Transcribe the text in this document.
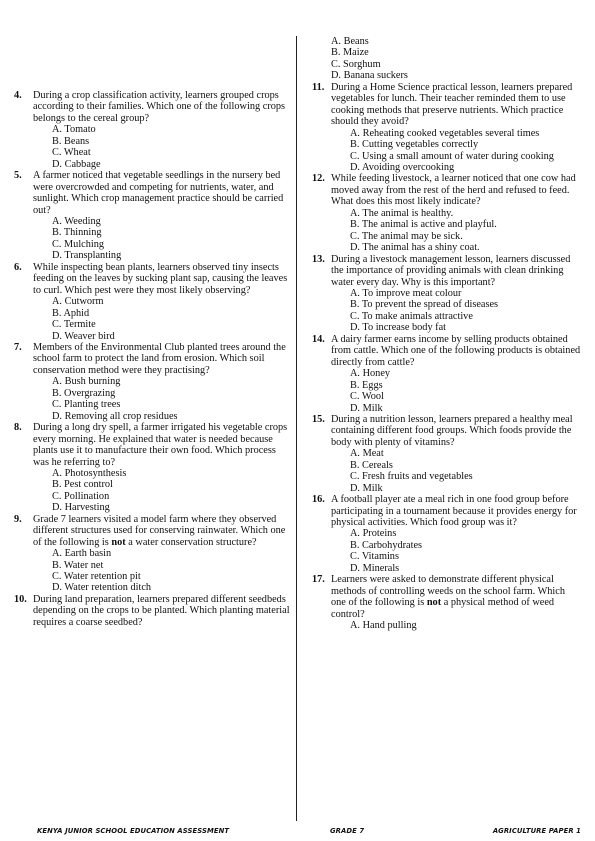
4. During a crop classification activity, learners grouped crops according to their families. Which one of the following crops belongs to the cereal group?
A. Tomato
B. Beans
C. Wheat
D. Cabbage
5. A farmer noticed that vegetable seedlings in the nursery bed were overcrowded and competing for nutrients, water, and sunlight. Which crop management practice should be carried out?
A. Weeding
B. Thinning
C. Mulching
D. Transplanting
6. While inspecting bean plants, learners observed tiny insects feeding on the leaves by sucking plant sap, causing the leaves to curl. Which pest were they most likely observing?
A. Cutworm
B. Aphid
C. Termite
D. Weaver bird
7. Members of the Environmental Club planted trees around the school farm to protect the land from erosion. Which soil conservation method were they practising?
A. Bush burning
B. Overgrazing
C. Planting trees
D. Removing all crop residues
8. During a long dry spell, a farmer irrigated his vegetable crops every morning. He explained that water is needed because plants use it to manufacture their own food. Which process was he referring to?
A. Photosynthesis
B. Pest control
C. Pollination
D. Harvesting
9. Grade 7 learners visited a model farm where they observed different structures used for conserving rainwater. Which one of the following is not a water conservation structure?
A. Earth basin
B. Water net
C. Water retention pit
D. Water retention ditch
10. During land preparation, learners prepared different seedbeds depending on the crops to be planted. Which planting material requires a coarse seedbed?
A. Beans
B. Maize
C. Sorghum
D. Banana suckers
11. During a Home Science practical lesson, learners prepared vegetables for lunch. Their teacher reminded them to use cooking methods that preserve nutrients. Which practice should they avoid?
A. Reheating cooked vegetables several times
B. Cutting vegetables correctly
C. Using a small amount of water during cooking
D. Avoiding overcooking
12. While feeding livestock, a learner noticed that one cow had moved away from the rest of the herd and refused to feed. What does this most likely indicate?
A. The animal is healthy.
B. The animal is active and playful.
C. The animal may be sick.
D. The animal has a shiny coat.
13. During a livestock management lesson, learners discussed the importance of providing animals with clean drinking water every day. Why is this important?
A. To improve meat colour
B. To prevent the spread of diseases
C. To make animals attractive
D. To increase body fat
14. A dairy farmer earns income by selling products obtained from cattle. Which one of the following products is obtained directly from cattle?
A. Honey
B. Eggs
C. Wool
D. Milk
15. During a nutrition lesson, learners prepared a healthy meal containing different food groups. Which foods provide the body with plenty of vitamins?
A. Meat
B. Cereals
C. Fresh fruits and vegetables
D. Milk
16. A football player ate a meal rich in one food group before participating in a tournament because it provides energy for physical activities. Which food group was it?
A. Proteins
B. Carbohydrates
C. Vitamins
D. Minerals
17. Learners were asked to demonstrate different physical methods of controlling weeds on the school farm. Which one of the following is not a physical method of weed control?
A. Hand pulling
KENYA JUNIOR SCHOOL EDUCATION ASSESSMENT	GRADE 7	AGRICULTURE PAPER 1
